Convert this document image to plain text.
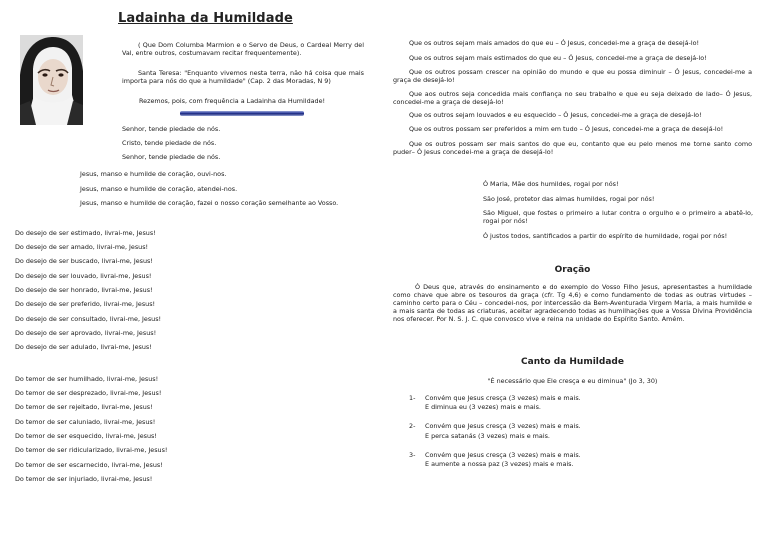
Ladainha da Humildade
( Que Dom Columba Marmion e o Servo de Deus, o Cardeal Merry del Val, entre outros, costumavam recitar frequentemente).
Santa Teresa: "Enquanto vivemos nesta terra, não há coisa que mais importa para nós do que a humildade" (Cap. 2 das Moradas, N 9)
Rezemos, pois, com frequência a Ladainha da Humildade!
Senhor, tende piedade de nós.
Cristo, tende piedade de nós.
Senhor, tende piedade de nós.
Jesus, manso e humilde de coração, ouvi-nos.
Jesus, manso e humilde de coração, atendei-nos.
Jesus, manso e humilde de coração, fazei o nosso coração semelhante ao Vosso.
Do desejo de ser estimado, livrai-me, Jesus!
Do desejo de ser amado, livrai-me, Jesus!
Do desejo de ser buscado, livrai-me, Jesus!
Do desejo de ser louvado, livrai-me, Jesus!
Do desejo de ser honrado, livrai-me, Jesus!
Do desejo de ser preferido, livrai-me, Jesus!
Do desejo de ser consultado, livrai-me, Jesus!
Do desejo de ser aprovado, livrai-me, Jesus!
Do desejo de ser adulado, livrai-me, Jesus!
Do temor de ser humilhado, livrai-me, Jesus!
Do temor de ser desprezado, livrai-me, Jesus!
Do temor de ser rejeitado, livrai-me, Jesus!
Do temor de ser caluniado, livrai-me, Jesus!
Do temor de ser esquecido, livrai-me, Jesus!
Do temor de ser ridicularizado, livrai-me, Jesus!
Do temor de ser escarnecido, livrai-me, Jesus!
Do temor de ser injuriado, livrai-me, Jesus!
Que os outros sejam mais amados do que eu – Ó Jesus, concedei-me a graça de desejá-lo!
Que os outros sejam mais estimados do que eu – Ó Jesus, concedei-me a graça de desejá-lo!
Que os outros possam crescer na opinião do mundo e que eu possa diminuir – Ó Jesus, concedei-me a graça de desejá-lo!
Que aos outros seja concedida mais confiança no seu trabalho e que eu seja deixado de lado– Ó Jesus, concedei-me a graça de desejá-lo!
Que os outros sejam louvados e eu esquecido – Ó Jesus, concedei-me a graça de desejá-lo!
Que os outros possam ser preferidos a mim em tudo – Ó Jesus, concedei-me a graça de desejá-lo!
Que os outros possam ser mais santos do que eu, contanto que eu pelo menos me torne santo como puder– Ó Jesus concedei-me a graça de desejá-lo!
Ó Maria, Mãe dos humildes, rogai por nós!
São José, protetor das almas humildes, rogai por nós!
São Miguel, que fostes o primeiro a lutar contra o orgulho e o primeiro a abatê-lo, rogai por nós!
Ó justos todos, santificados a partir do espírito de humildade, rogai por nós!
Oração
Ó Deus que, através do ensinamento e do exemplo do Vosso Filho Jesus, apresentastes a humildade como chave que abre os tesouros da graça (cfr. Tg 4,6) e como fundamento de todas as outras virtudes – caminho certo para o Céu – concedei-nos, por intercessão da Bem-Aventurada Virgem Maria, a mais humilde e a mais santa de todas as criaturas, aceitar agradecendo todas as humilhações que a Vossa Divina Providência nos oferecer. Por N. S. J. C. que convosco vive e reina na unidade do Espírito Santo. Amém.
Canto da Humildade
"É necessário que Ele cresça e eu diminua" (Jo 3, 30)
1- Convém que Jesus cresça (3 vezes) mais e mais.
E diminua eu (3 vezes) mais e mais.
2- Convém que Jesus cresça (3 vezes) mais e mais.
E perca satanás (3 vezes) mais e mais.
3- Convém que Jesus cresça (3 vezes) mais e mais.
E aumente a nossa paz (3 vezes) mais e mais.
